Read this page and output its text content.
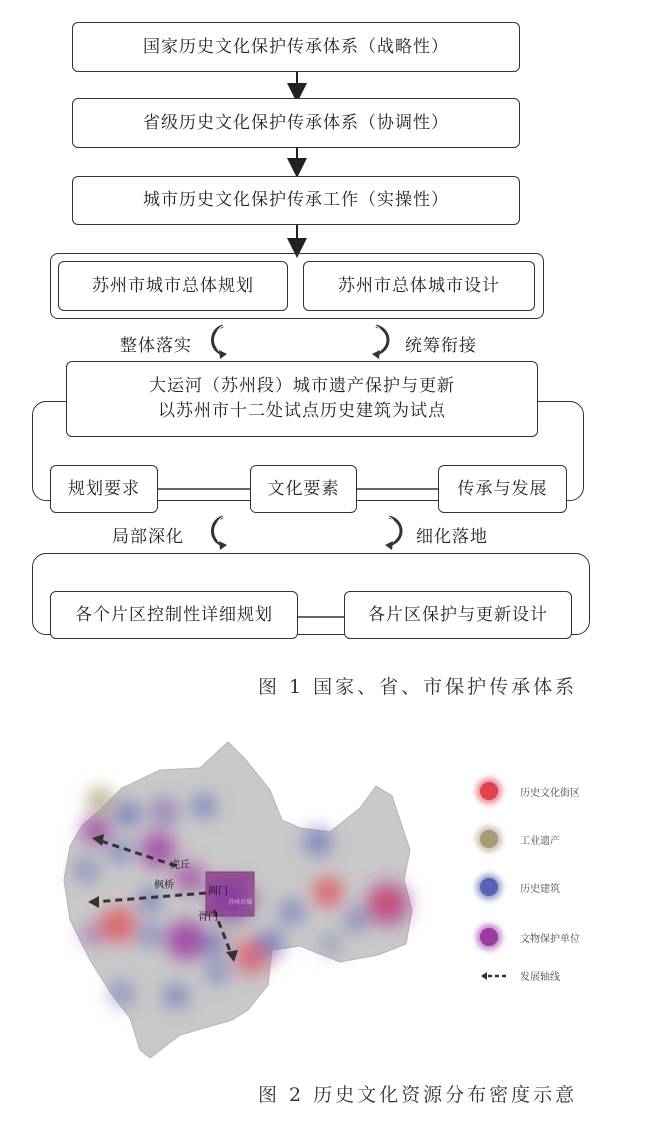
国家历史文化保护传承体系（战略性）
省级历史文化保护传承体系（协调性）
城市历史文化保护传承工作（实操性）
苏州市城市总体规划	苏州市总体城市设计
整体落实	统筹衔接
大运河（苏州段）城市遗产保护与更新
以苏州市十二处试点历史建筑为试点
规划要求	文化要素	传承与发展
局部深化	细化落地
各个片区控制性详细规划	各片区保护与更新设计
图 1 国家、省、市保护传承体系
虎丘
枫桥
阊门
苏州古城
胥门
历史文化街区
工业遗产
历史建筑
文物保护单位
发展轴线
图 2 历史文化资源分布密度示意
